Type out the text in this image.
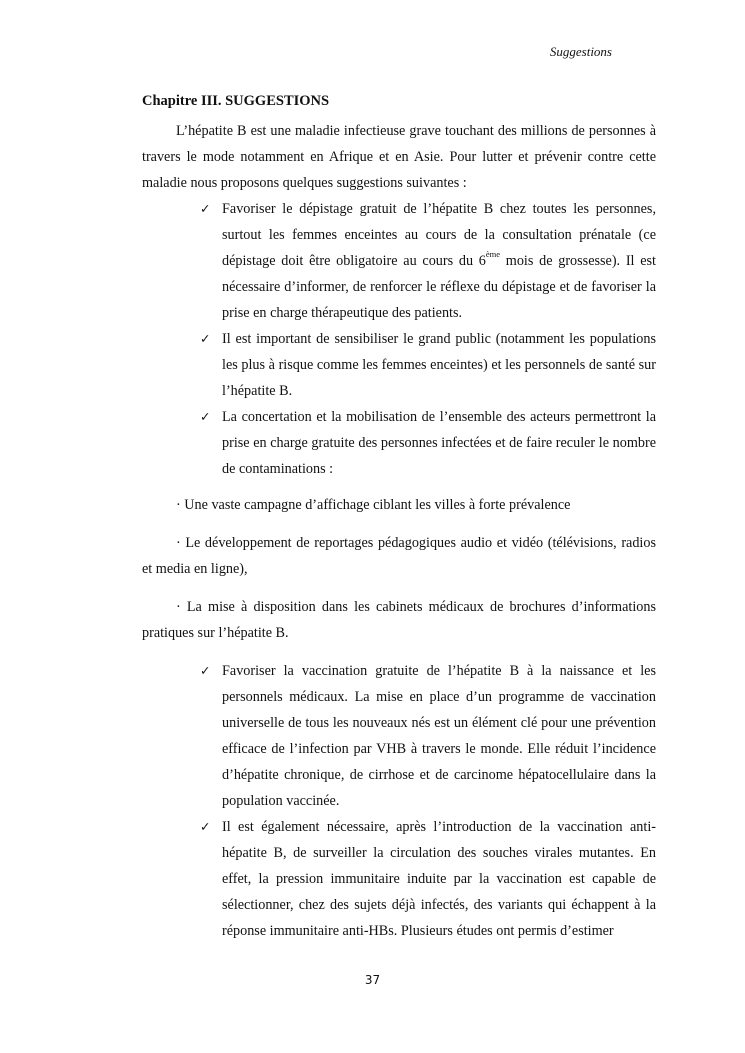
Suggestions
Chapitre III. SUGGESTIONS

L’hépatite B est une maladie infectieuse grave touchant des millions de personnes à travers le mode notamment en Afrique et en Asie. Pour lutter et prévenir contre cette maladie nous proposons quelques suggestions suivantes :

✓ Favoriser le dépistage gratuit de l’hépatite B chez toutes les personnes, surtout les femmes enceintes au cours de la consultation prénatale (ce dépistage doit être obligatoire au cours du 6ème mois de grossesse). Il est nécessaire d’informer, de renforcer le réflexe du dépistage et de favoriser la prise en charge thérapeutique des patients.
✓ Il est important de sensibiliser le grand public (notamment les populations les plus à risque comme les femmes enceintes) et les personnels de santé sur l’hépatite B.
✓ La concertation et la mobilisation de l’ensemble des acteurs permettront la prise en charge gratuite des personnes infectées et de faire reculer le nombre de contaminations :

· Une vaste campagne d’affichage ciblant les villes à forte prévalence

· Le développement de reportages pédagogiques audio et vidéo (télévisions, radios et media en ligne),

· La mise à disposition dans les cabinets médicaux de brochures d’informations pratiques sur l’hépatite B.

✓ Favoriser la vaccination gratuite de l’hépatite B à la naissance et les personnels médicaux. La mise en place d’un programme de vaccination universelle de tous les nouveaux nés est un élément clé pour une prévention efficace de l’infection par VHB à travers le monde. Elle réduit l’incidence d’hépatite chronique, de cirrhose et de carcinome hépatocellulaire dans la population vaccinée.
✓ Il est également nécessaire, après l’introduction de la vaccination anti-hépatite B, de surveiller la circulation des souches virales mutantes. En effet, la pression immunitaire induite par la vaccination est capable de sélectionner, chez des sujets déjà infectés, des variants qui échappent à la réponse immunitaire anti-HBs. Plusieurs études ont permis d’estimer
37
